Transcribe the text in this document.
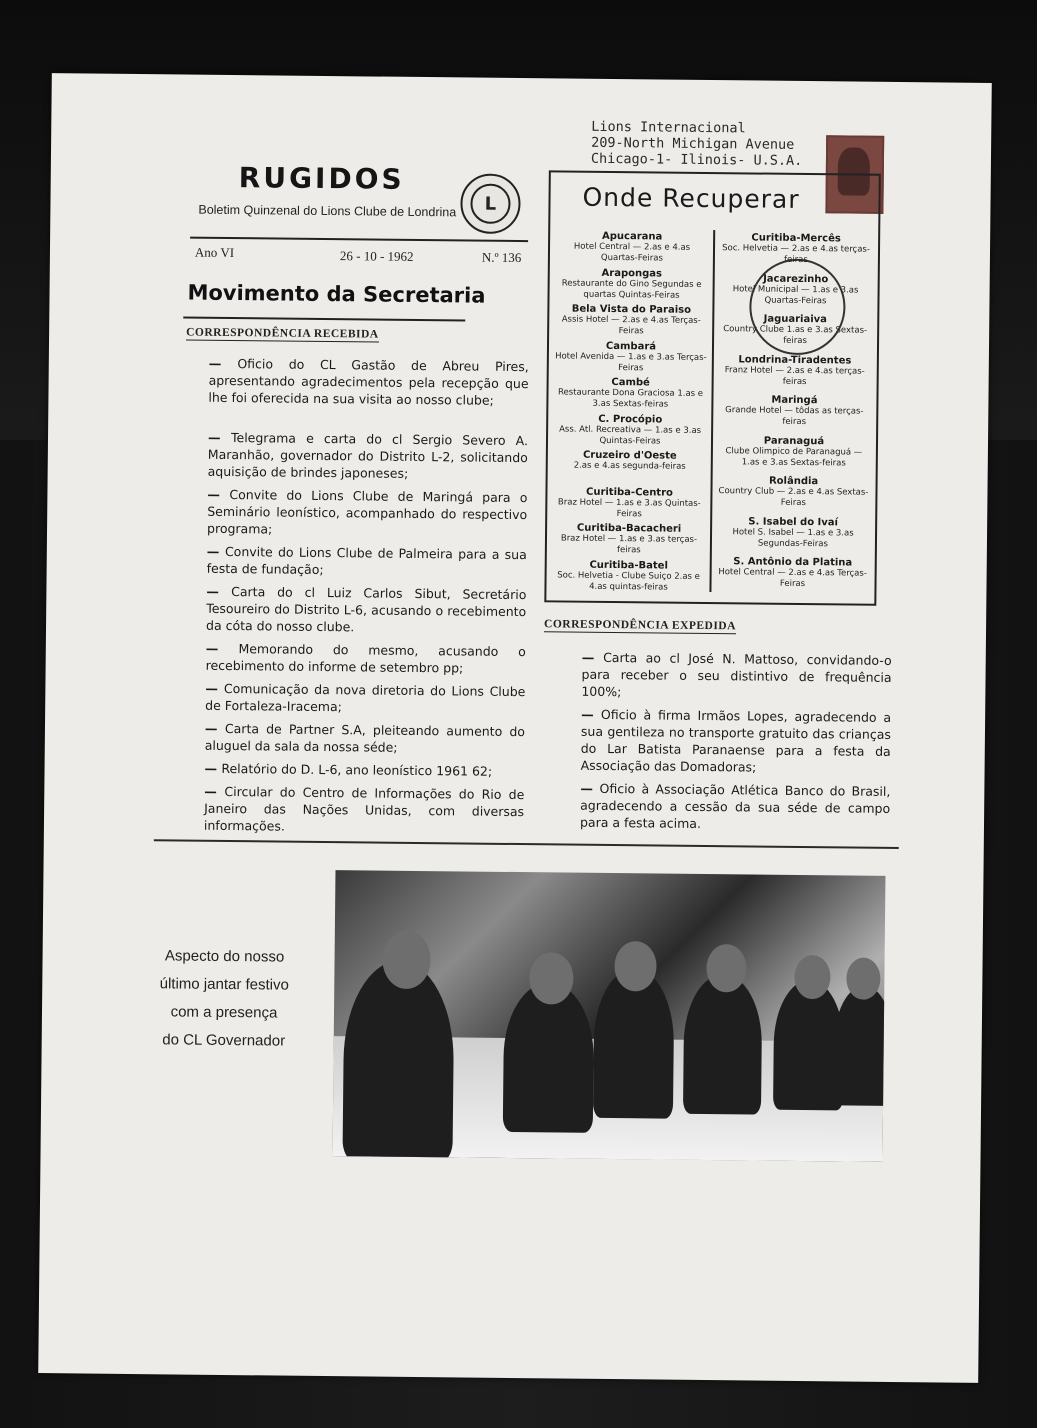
RUGIDOS
Boletim Quinzenal do Lions Clube de Londrina	L
Ano VI	26 - 10 - 1962	N.º 136
Movimento da Secretaria
CORRESPONDÊNCIA RECEBIDA
Lions Internacional
209-North Michigan Avenue
Chicago-1- Ilinois- U.S.A.
Onde Recuperar
Apucarana
Hotel Central — 2.as e 4.as Quartas-Feiras
Arapongas
Restaurante do Gino Segundas e quartas Quintas-Feiras
Bela Vista do Paraiso
Assis Hotel — 2.as e 4.as Terças-Feiras
Cambará
Hotel Avenida — 1.as e 3.as Terças-Feiras
Cambé
Restaurante Dona Graciosa 1.as e 3.as Sextas-feiras
C. Procópio
Ass. Atl. Recreativa — 1.as e 3.as Quintas-Feiras
Cruzeiro d'Oeste
2.as e 4.as segunda-feiras
Curitiba-Centro
Braz Hotel — 1.as e 3.as Quintas-Feiras
Curitiba-Bacacheri
Braz Hotel — 1.as e 3.as terças-feiras
Curitiba-Batel
Soc. Helvetia - Clube Suiço 2.as e 4.as quintas-feiras
Curitiba-Mercês
Soc. Helvetia — 2.as e 4.as terças-feiras
Jacarezinho
Hotel Municipal — 1.as e 3.as Quartas-Feiras
Jaguariaiva
Country Clube 1.as e 3.as Sextas-feiras
Londrina-Tiradentes
Franz Hotel — 2.as e 4.as terças-feiras
Maringá
Grande Hotel — tôdas as terças-feiras
Paranaguá
Clube Olimpico de Paranaguá — 1.as e 3.as Sextas-feiras
Rolândia
Country Club — 2.as e 4.as Sextas-Feiras
S. Isabel do Ivaí
Hotel S. Isabel — 1.as e 3.as Segundas-Feiras
S. Antônio da Platina
Hotel Central — 2.as e 4.as Terças-Feiras
CORRESPONDÊNCIA EXPEDIDA
Aspecto do nosso
último jantar festivo
com a presença
do CL Governador
— Oficio do CL Gastão de Abreu Pires, apresentando agradecimentos pela recepção que lhe foi oferecida na sua visita ao nosso clube;
— Telegrama e carta do cl Sergio Severo A. Maranhão, governador do Distrito L-2, solicitando aquisição de brindes japoneses;
— Convite do Lions Clube de Maringá para o Seminário leonístico, acompanhado do respectivo programa;
— Convite do Lions Clube de Palmeira para a sua festa de fundação;
— Carta do cl Luiz Carlos Sibut, Secretário Tesoureiro do Distrito L-6, acusando o recebimento da cóta do nosso clube.
— Memorando do mesmo, acusando o recebimento do informe de setembro pp;
— Comunicação da nova diretoria do Lions Clube de Fortaleza-Iracema;
— Carta de Partner S.A, pleiteando aumento do aluguel da sala da nossa séde;
— Relatório do D. L-6, ano leonístico 1961 62;
— Circular do Centro de Informações do Rio de Janeiro das Nações Unidas, com diversas informações.
— Carta ao cl José N. Mattoso, convidando-o para receber o seu distintivo de frequência 100%;
— Oficio à firma Irmãos Lopes, agradecendo a sua gentileza no transporte gratuito das crianças do Lar Batista Paranaense para a festa da Associação das Domadoras;
— Oficio à Associação Atlética Banco do Brasil, agradecendo a cessão da sua séde de campo para a festa acima.
